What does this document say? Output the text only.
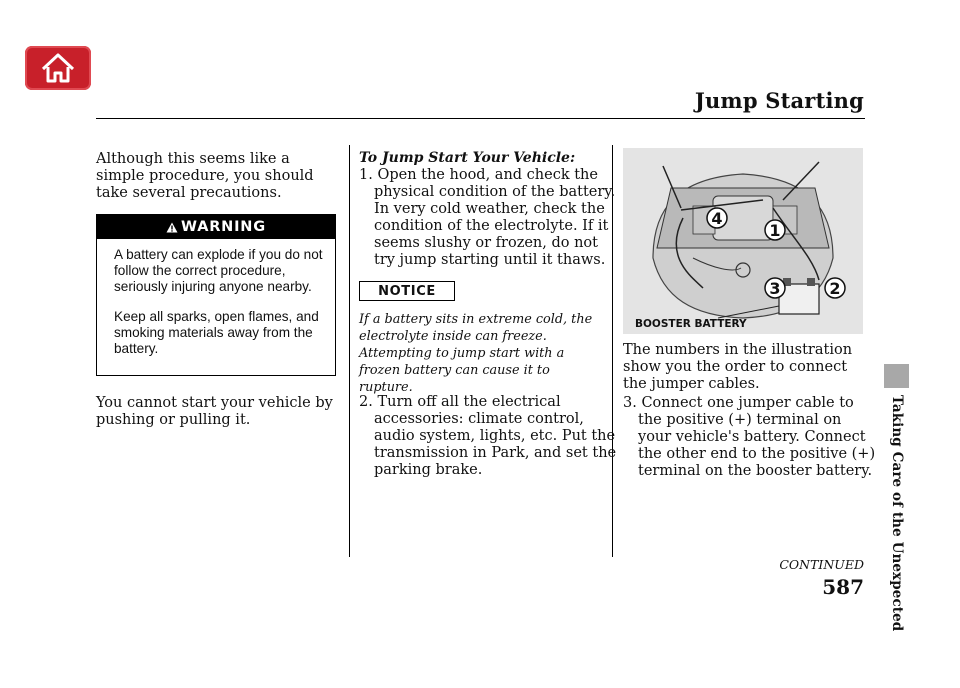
Jump Starting
Taking Care of the Unexpected
Although this seems like a simple procedure, you should take several precautions.
WARNING
A battery can explode if you do not follow the correct procedure, seriously injuring anyone nearby.
Keep all sparks, open flames, and smoking materials away from the battery.
You cannot start your vehicle by pushing or pulling it.
To Jump Start Your Vehicle:
1. Open the hood, and check the physical condition of the battery. In very cold weather, check the condition of the electrolyte. If it seems slushy or frozen, do not try jump starting until it thaws.
NOTICE
If a battery sits in extreme cold, the electrolyte inside can freeze. Attempting to jump start with a frozen battery can cause it to rupture.
2. Turn off all the electrical accessories: climate control, audio system, lights, etc. Put the transmission in Park, and set the parking brake.
4
1
3	2
BOOSTER BATTERY
The numbers in the illustration show you the order to connect the jumper cables.
3. Connect one jumper cable to the positive (+) terminal on your vehicle's battery. Connect the other end to the positive (+) terminal on the booster battery.
CONTINUED
587
